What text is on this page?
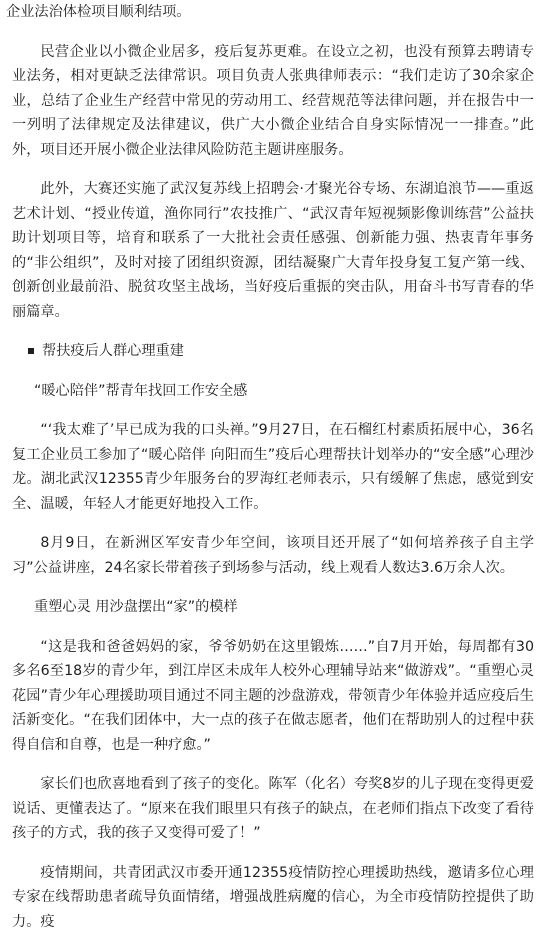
企业法治体检项目顺利结项。

民营企业以小微企业居多，疫后复苏更难。在设立之初，也没有预算去聘请专业法务，相对更缺乏法律常识。项目负责人张典律师表示：“我们走访了30余家企业，总结了企业生产经营中常见的劳动用工、经营规范等法律问题，并在报告中一一列明了法律规定及法律建议，供广大小微企业结合自身实际情况一一排查。”此外，项目还开展小微企业法律风险防范主题讲座服务。

此外，大赛还实施了武汉复苏线上招聘会·才聚光谷专场、东湖追浪节——重返艺术计划、“授业传道，渔你同行”农技推广、“武汉青年短视频影像训练营”公益扶助计划项目等，培育和联系了一大批社会责任感强、创新能力强、热衷青年事务的“非公组织”，及时对接了团组织资源，团结凝聚广大青年投身复工复产第一线、创新创业最前沿、脱贫攻坚主战场，当好疫后重振的突击队，用奋斗书写青春的华丽篇章。

帮扶疫后人群心理重建
“暖心陪伴”帮青年找回工作安全感

“‘我太难了’早已成为我的口头禅。”9月27日，在石榴红村素质拓展中心，36名复工企业员工参加了“暖心陪伴 向阳而生”疫后心理帮扶计划举办的“安全感”心理沙龙。湖北武汉12355青少年服务台的罗海红老师表示，只有缓解了焦虑，感觉到安全、温暖，年轻人才能更好地投入工作。

8月9日，在新洲区军安青少年空间，该项目还开展了“如何培养孩子自主学习”公益讲座，24名家长带着孩子到场参与活动，线上观看人数达3.6万余人次。

重塑心灵 用沙盘摆出“家”的模样

“这是我和爸爸妈妈的家，爷爷奶奶在这里锻炼……”自7月开始，每周都有30多名6至18岁的青少年，到江岸区未成年人校外心理辅导站来“做游戏”。“重塑心灵花园”青少年心理援助项目通过不同主题的沙盘游戏，带领青少年体验并适应疫后生活新变化。“在我们团体中，大一点的孩子在做志愿者，他们在帮助别人的过程中获得自信和自尊，也是一种疗愈。”

家长们也欣喜地看到了孩子的变化。陈军（化名）夸奖8岁的儿子现在变得更爱说话、更懂表达了。“原来在我们眼里只有孩子的缺点，在老师们指点下改变了看待孩子的方式，我的孩子又变得可爱了！”

疫情期间，共青团武汉市委开通12355疫情防控心理援助热线，邀请多位心理专家在线帮助患者疏导负面情绪，增强战胜病魔的信心，为全市疫情防控提供了助力。疫
